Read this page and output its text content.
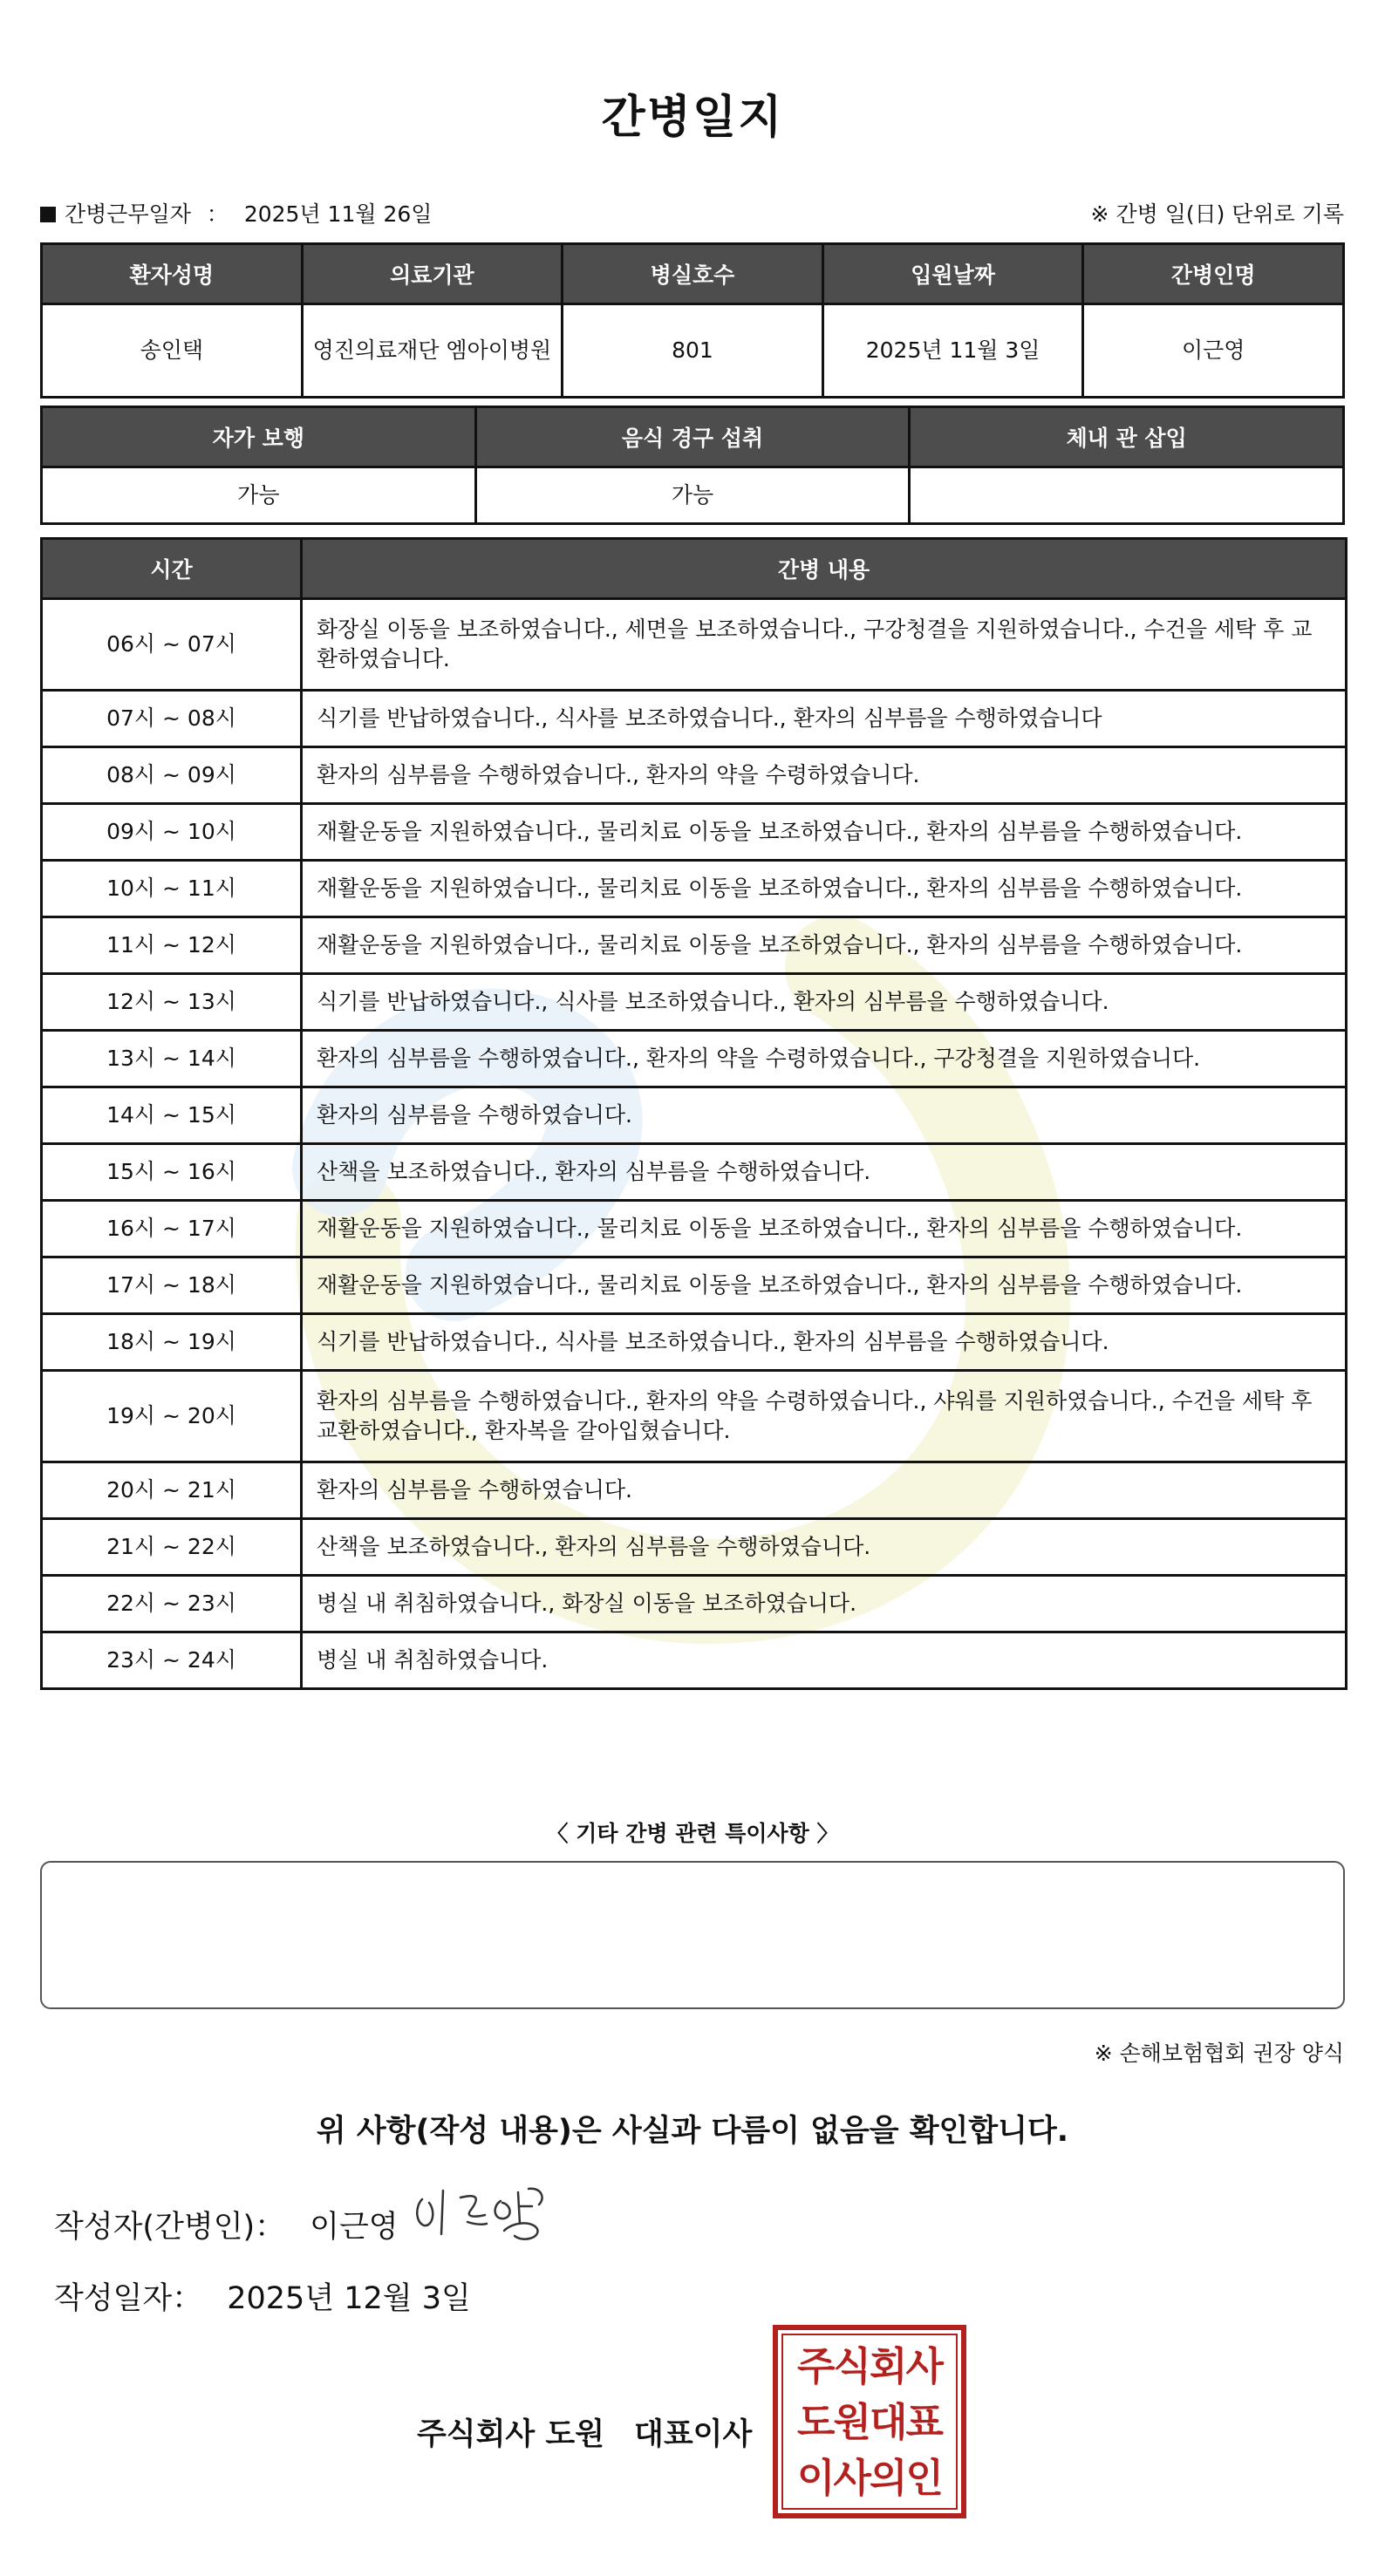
간병일지
간병근무일자 ： 2025년 11월 26일	※ 간병 일(日) 단위로 기록
환자성명	의료기관	병실호수	입원날짜	간병인명
송인택	영진의료재단 엠아이병원	801	2025년 11월 3일	이근영
자가 보행	음식 경구 섭취	체내 관 삽입
가능	가능	
시간	간병 내용
06시 ~ 07시	화장실 이동을 보조하였습니다., 세면을 보조하였습니다., 구강청결을 지원하였습니다., 수건을 세탁 후 교환하였습니다.
07시 ~ 08시	식기를 반납하였습니다., 식사를 보조하였습니다., 환자의 심부름을 수행하였습니다
08시 ~ 09시	환자의 심부름을 수행하였습니다., 환자의 약을 수령하였습니다.
09시 ~ 10시	재활운동을 지원하였습니다., 물리치료 이동을 보조하였습니다., 환자의 심부름을 수행하였습니다.
10시 ~ 11시	재활운동을 지원하였습니다., 물리치료 이동을 보조하였습니다., 환자의 심부름을 수행하였습니다.
11시 ~ 12시	재활운동을 지원하였습니다., 물리치료 이동을 보조하였습니다., 환자의 심부름을 수행하였습니다.
12시 ~ 13시	식기를 반납하였습니다., 식사를 보조하였습니다., 환자의 심부름을 수행하였습니다.
13시 ~ 14시	환자의 심부름을 수행하였습니다., 환자의 약을 수령하였습니다., 구강청결을 지원하였습니다.
14시 ~ 15시	환자의 심부름을 수행하였습니다.
15시 ~ 16시	산책을 보조하였습니다., 환자의 심부름을 수행하였습니다.
16시 ~ 17시	재활운동을 지원하였습니다., 물리치료 이동을 보조하였습니다., 환자의 심부름을 수행하였습니다.
17시 ~ 18시	재활운동을 지원하였습니다., 물리치료 이동을 보조하였습니다., 환자의 심부름을 수행하였습니다.
18시 ~ 19시	식기를 반납하였습니다., 식사를 보조하였습니다., 환자의 심부름을 수행하였습니다.
19시 ~ 20시	환자의 심부름을 수행하였습니다., 환자의 약을 수령하였습니다., 샤워를 지원하였습니다., 수건을 세탁 후 교환하였습니다., 환자복을 갈아입혔습니다.
20시 ~ 21시	환자의 심부름을 수행하였습니다.
21시 ~ 22시	산책을 보조하였습니다., 환자의 심부름을 수행하였습니다.
22시 ~ 23시	병실 내 취침하였습니다., 화장실 이동을 보조하였습니다.
23시 ~ 24시	병실 내 취침하였습니다.
〈 기타 간병 관련 특이사항 〉
※ 손해보험협회 권장 양식
위 사항(작성 내용)은 사실과 다름이 없음을 확인합니다.
작성자(간병인)： 이근영
작성일자： 2025년 12월 3일
주식회사 도원 대표이사
주식회사
도원대표
이사의인
